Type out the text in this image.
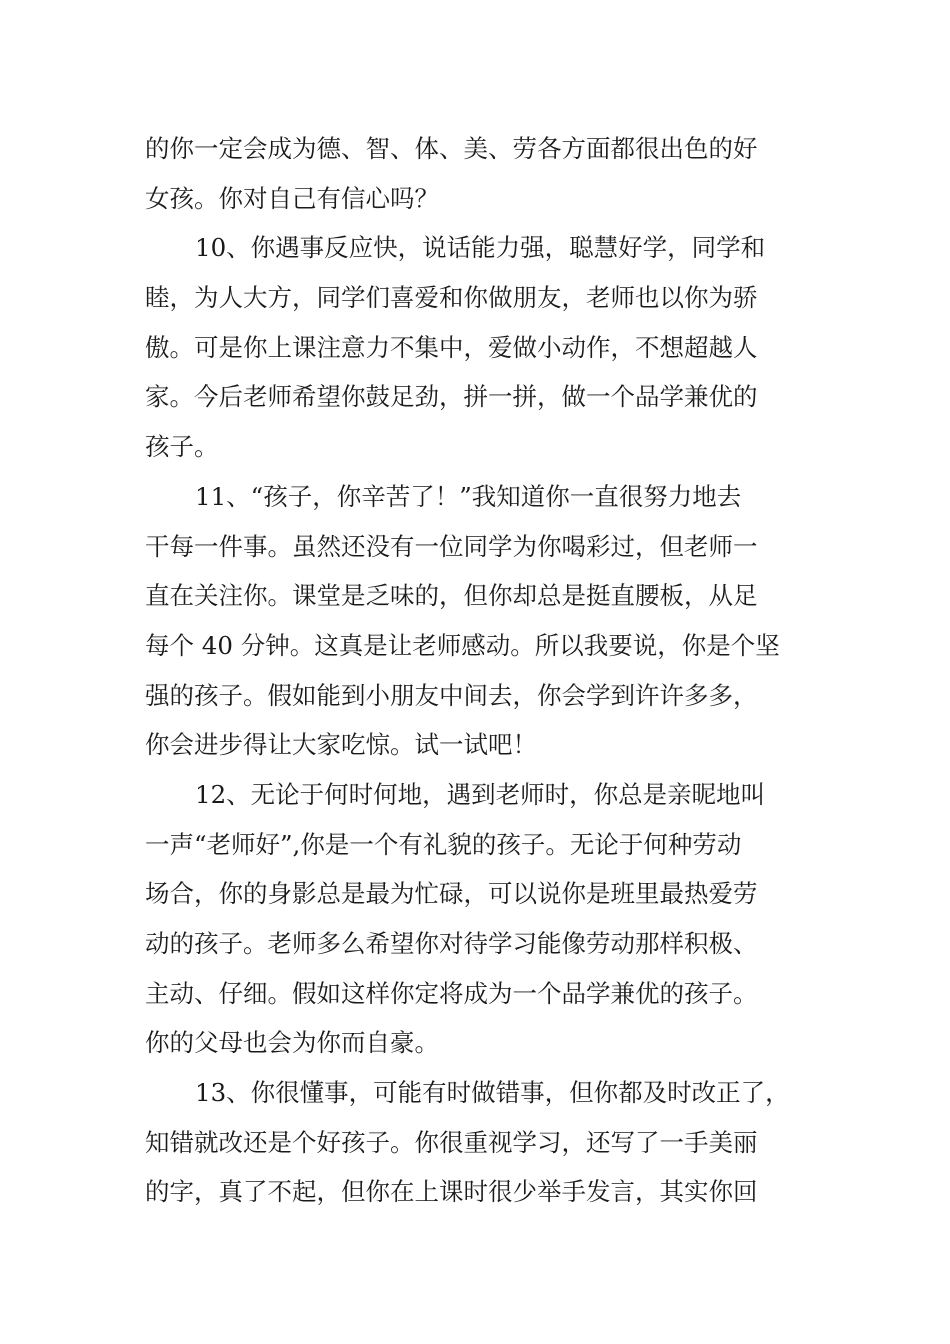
的你一定会成为德、智、体、美、劳各方面都很出色的好
女孩。你对自己有信心吗？
10、你遇事反应快，说话能力强，聪慧好学，同学和
睦，为人大方，同学们喜爱和你做朋友，老师也以你为骄
傲。可是你上课注意力不集中，爱做小动作，不想超越人
家。今后老师希望你鼓足劲，拼一拼，做一个品学兼优的
孩子。
11、“孩子，你辛苦了！”我知道你一直很努力地去
干每一件事。虽然还没有一位同学为你喝彩过，但老师一
直在关注你。课堂是乏味的，但你却总是挺直腰板，从足
每个 40 分钟。这真是让老师感动。所以我要说，你是个坚
强的孩子。假如能到小朋友中间去，你会学到许许多多，
你会进步得让大家吃惊。试一试吧！
12、无论于何时何地，遇到老师时，你总是亲昵地叫
一声“老师好”,你是一个有礼貌的孩子。无论于何种劳动
场合，你的身影总是最为忙碌，可以说你是班里最热爱劳
动的孩子。老师多么希望你对待学习能像劳动那样积极、
主动、仔细。假如这样你定将成为一个品学兼优的孩子。
你的父母也会为你而自豪。
13、你很懂事，可能有时做错事，但你都及时改正了，
知错就改还是个好孩子。你很重视学习，还写了一手美丽
的字，真了不起，但你在上课时很少举手发言，其实你回
